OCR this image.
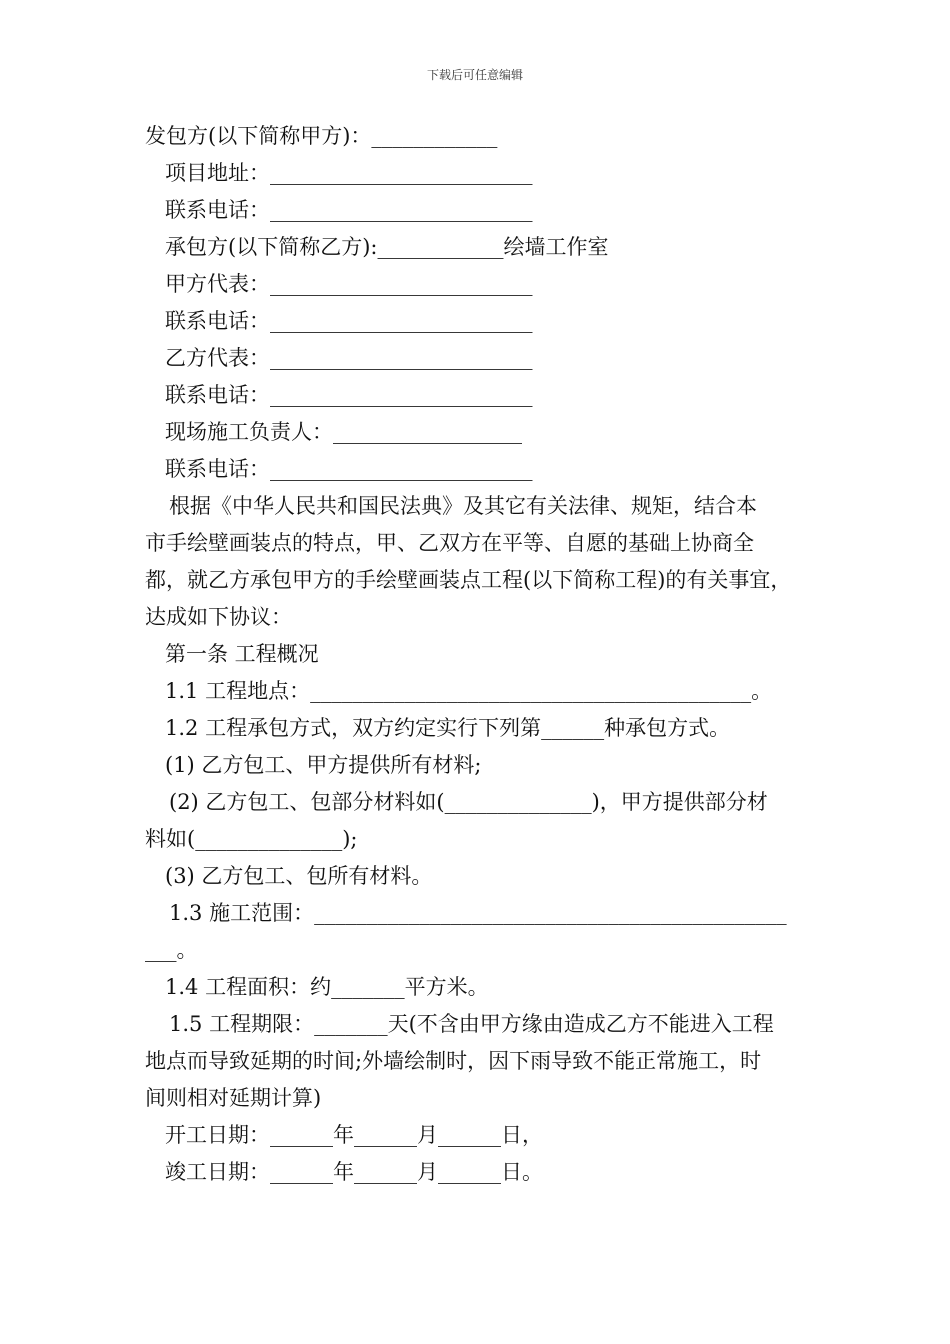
下载后可任意编辑
发包方(以下简称甲方)：____________
项目地址：_________________________
联系电话：_________________________
承包方(以下简称乙方):____________绘墙工作室
甲方代表：_________________________
联系电话：_________________________
乙方代表：_________________________
联系电话：_________________________
现场施工负责人：__________________
联系电话：_________________________
根据《中华人民共和国民法典》及其它有关法律、规矩，结合本
市手绘壁画装点的特点，甲、乙双方在平等、自愿的基础上协商全
都，就乙方承包甲方的手绘壁画装点工程(以下简称工程)的有关事宜，
达成如下协议：
第一条 工程概况
1.1 工程地点：__________________________________________。
1.2 工程承包方式，双方约定实行下列第______种承包方式。
(1) 乙方包工、甲方提供所有材料;
(2) 乙方包工、包部分材料如(______________)，甲方提供部分材
料如(______________);
(3) 乙方包工、包所有材料。
1.3 施工范围：_____________________________________________
___。
1.4 工程面积：约_______平方米。
1.5 工程期限：_______天(不含由甲方缘由造成乙方不能进入工程
地点而导致延期的时间;外墙绘制时，因下雨导致不能正常施工，时
间则相对延期计算)
开工日期：______年______月______日，
竣工日期：______年______月______日。
